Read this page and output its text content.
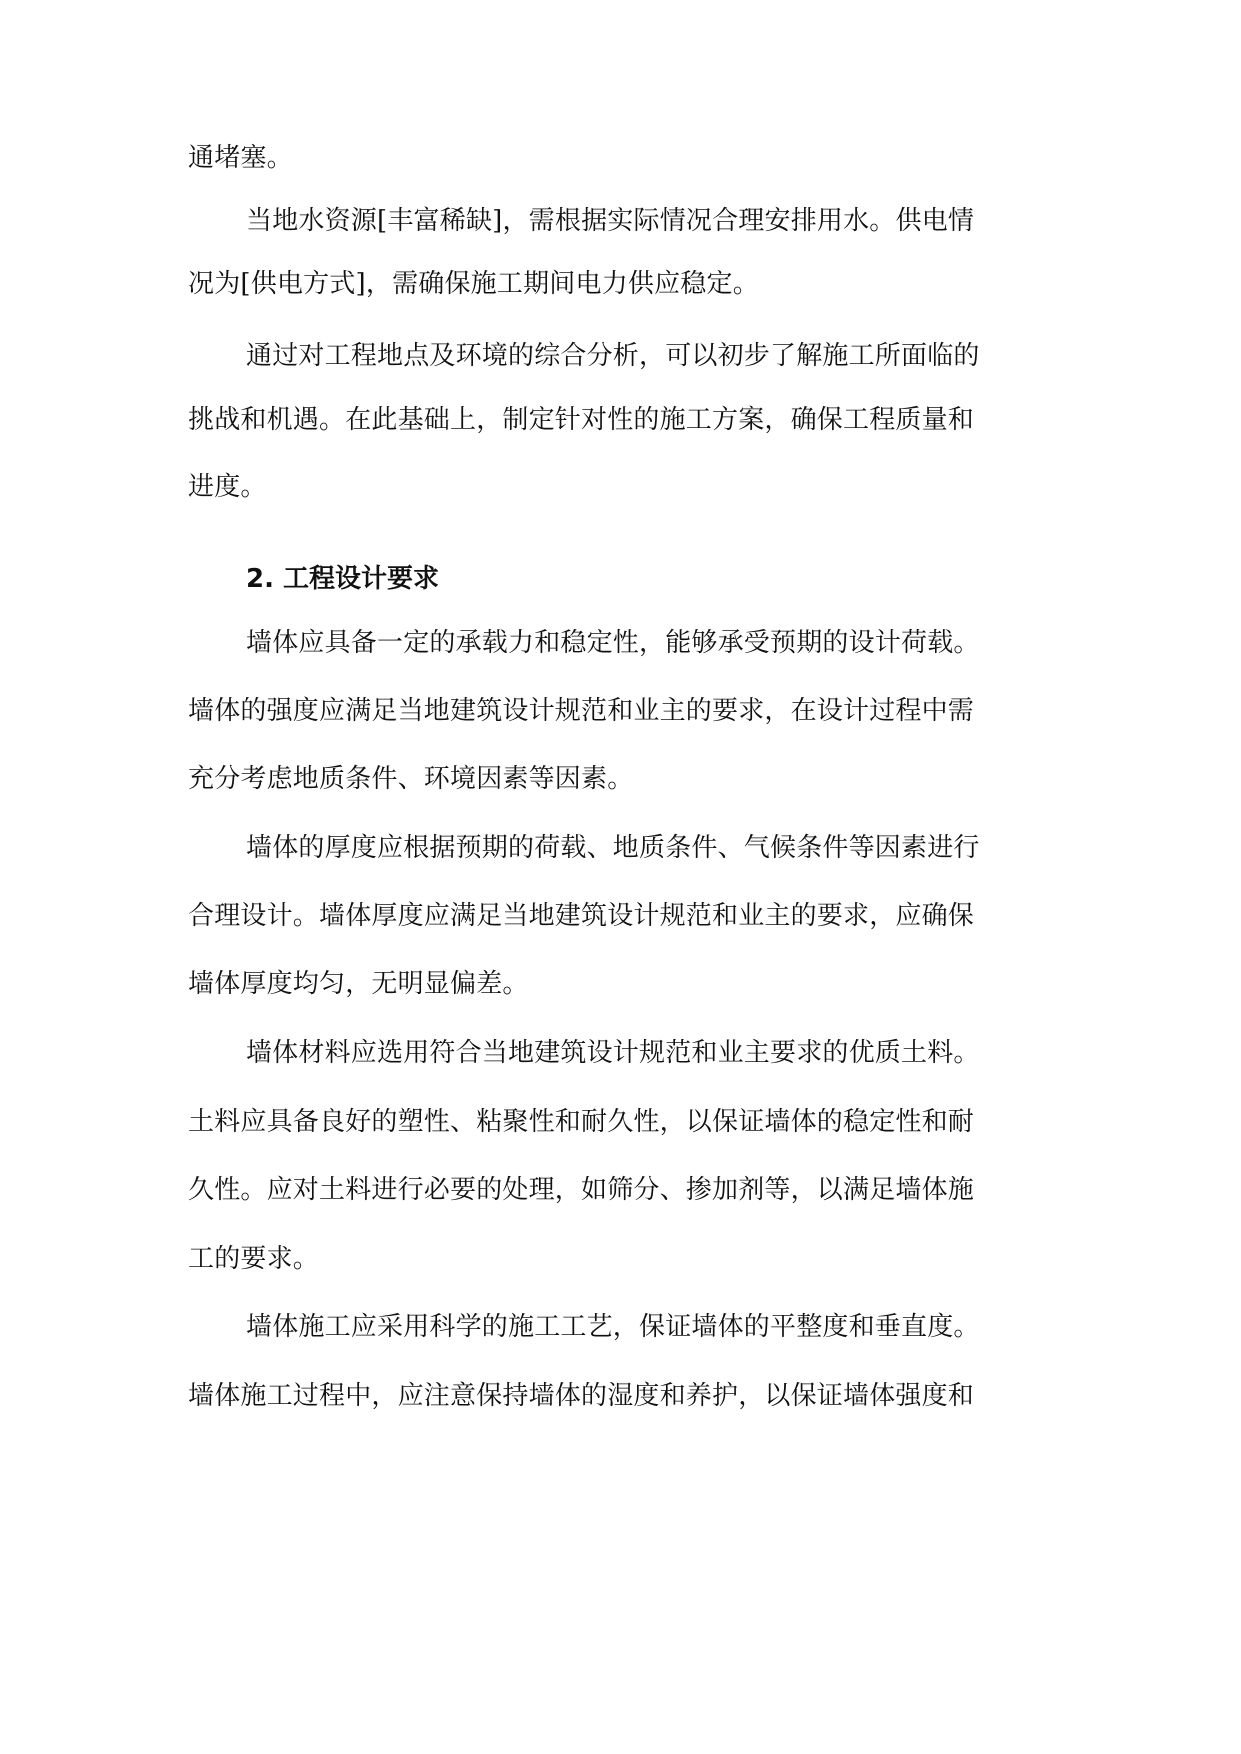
通堵塞。
当地水资源[丰富稀缺]，需根据实际情况合理安排用水。供电情
况为[供电方式]，需确保施工期间电力供应稳定。
通过对工程地点及环境的综合分析，可以初步了解施工所面临的
挑战和机遇。在此基础上，制定针对性的施工方案，确保工程质量和
进度。
2. 工程设计要求
墙体应具备一定的承载力和稳定性，能够承受预期的设计荷载。
墙体的强度应满足当地建筑设计规范和业主的要求，在设计过程中需
充分考虑地质条件、环境因素等因素。
墙体的厚度应根据预期的荷载、地质条件、气候条件等因素进行
合理设计。墙体厚度应满足当地建筑设计规范和业主的要求，应确保
墙体厚度均匀，无明显偏差。
墙体材料应选用符合当地建筑设计规范和业主要求的优质土料。
土料应具备良好的塑性、粘聚性和耐久性，以保证墙体的稳定性和耐
久性。应对土料进行必要的处理，如筛分、掺加剂等，以满足墙体施
工的要求。
墙体施工应采用科学的施工工艺，保证墙体的平整度和垂直度。
墙体施工过程中，应注意保持墙体的湿度和养护，以保证墙体强度和
